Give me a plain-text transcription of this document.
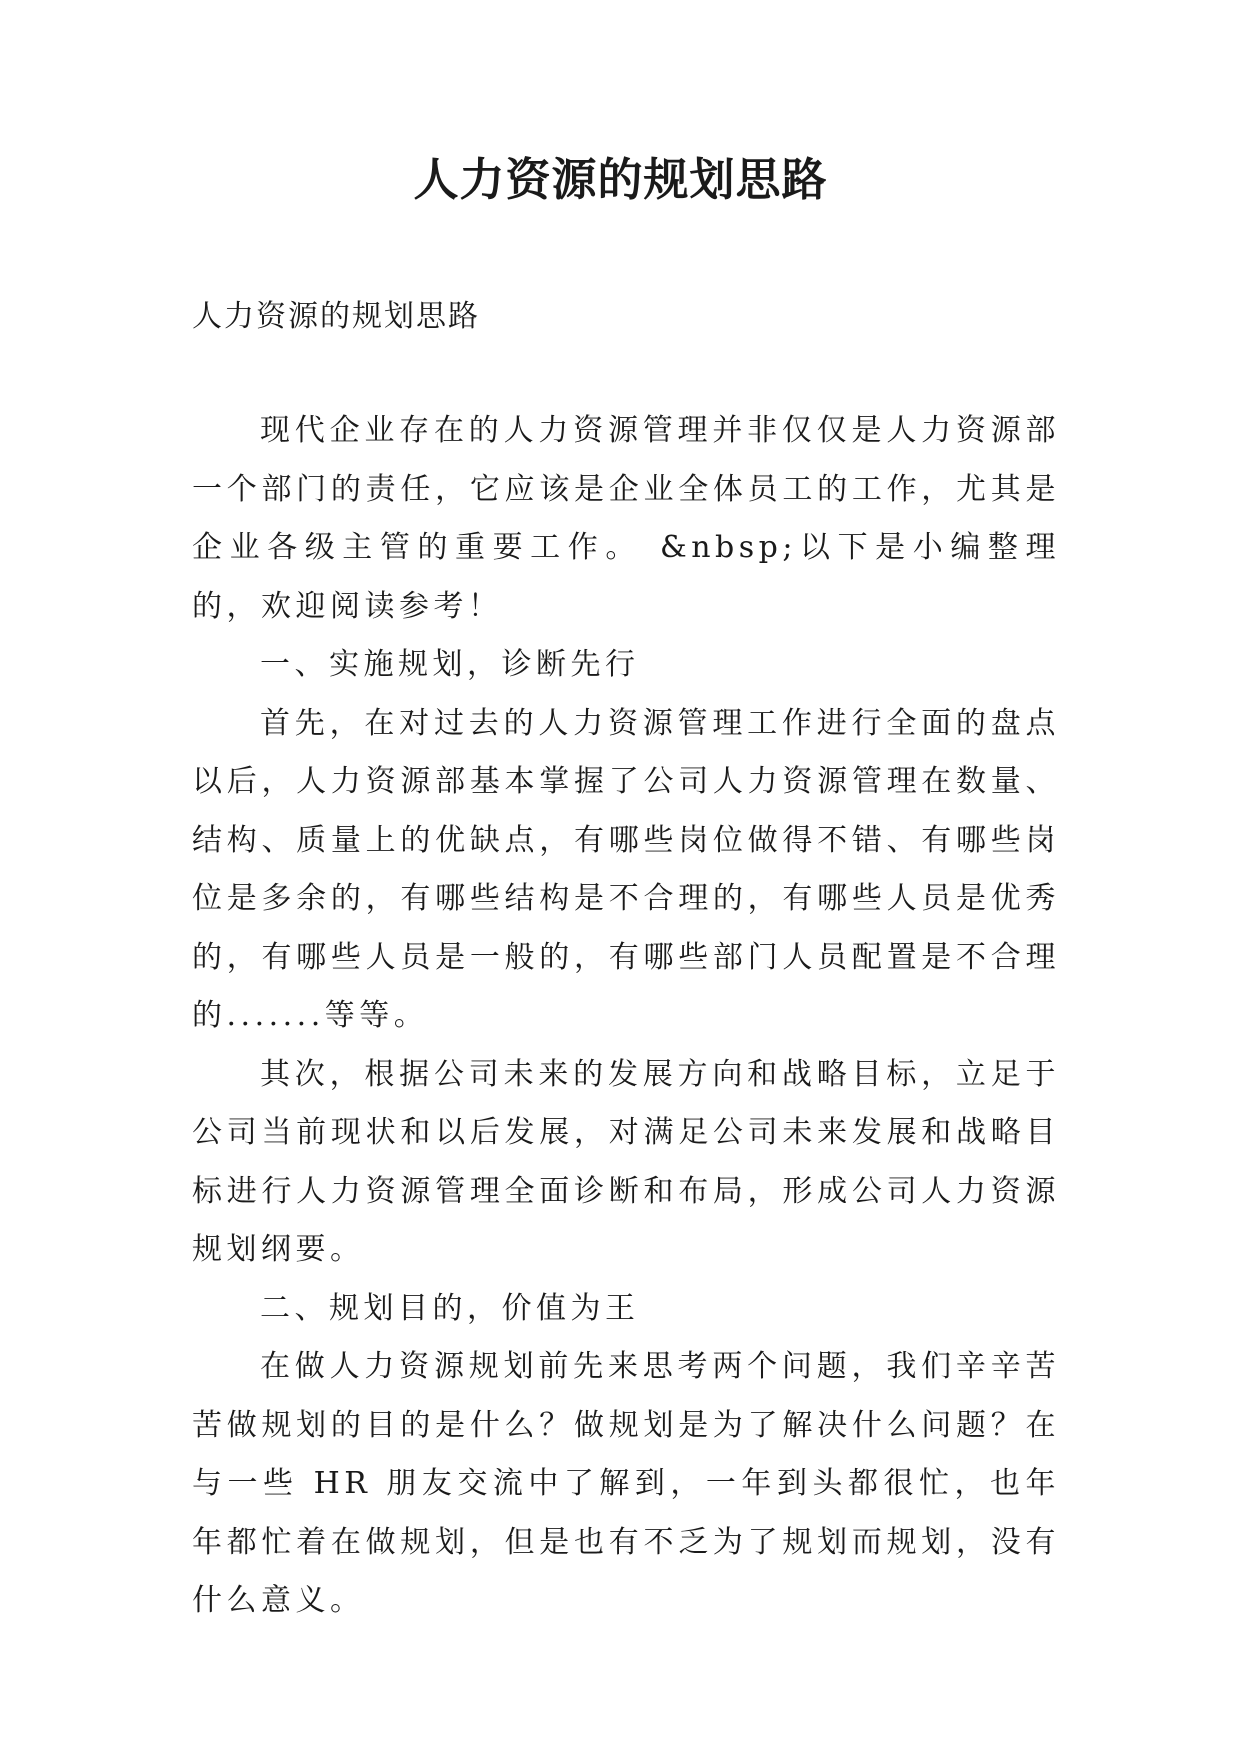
人力资源的规划思路

人力资源的规划思路

现代企业存在的人力资源管理并非仅仅是人力资源部一个部门的责任，它应该是企业全体员工的工作，尤其是企业各级主管的重要工作。 &nbsp;以下是小编整理的，欢迎阅读参考！

一、实施规划，诊断先行

首先，在对过去的人力资源管理工作进行全面的盘点以后，人力资源部基本掌握了公司人力资源管理在数量、结构、质量上的优缺点，有哪些岗位做得不错、有哪些岗位是多余的，有哪些结构是不合理的，有哪些人员是优秀的，有哪些人员是一般的，有哪些部门人员配置是不合理的.......等等。

其次，根据公司未来的发展方向和战略目标，立足于公司当前现状和以后发展，对满足公司未来发展和战略目标进行人力资源管理全面诊断和布局，形成公司人力资源规划纲要。

二、规划目的，价值为王

在做人力资源规划前先来思考两个问题，我们辛辛苦苦做规划的目的是什么？做规划是为了解决什么问题？在与一些 HR 朋友交流中了解到，一年到头都很忙，也年年都忙着在做规划，但是也有不乏为了规划而规划，没有什么意义。
